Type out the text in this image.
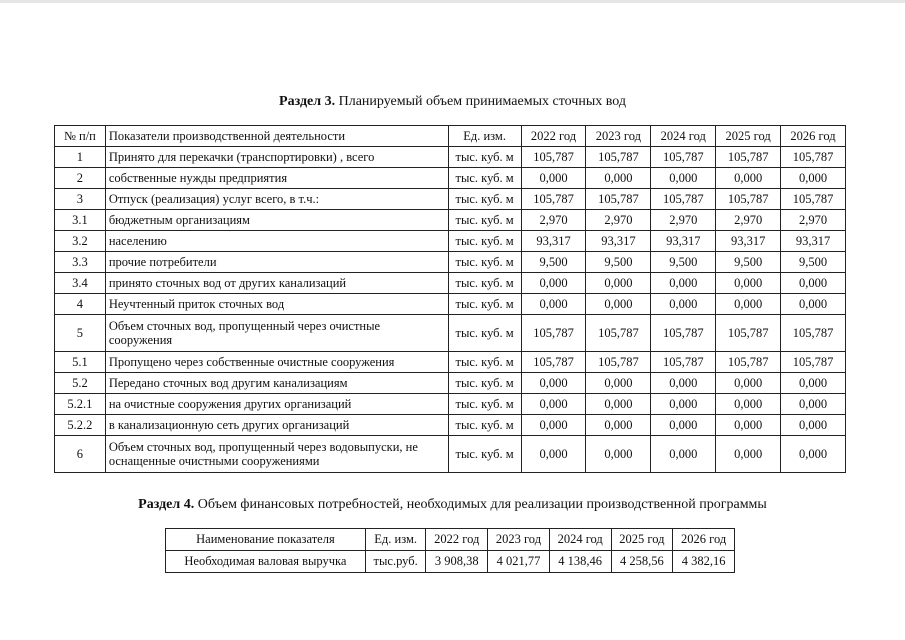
Раздел 3. Планируемый объем принимаемых сточных вод
№ п/п	Показатели производственной деятельности	Ед. изм.	2022 год	2023 год	2024 год	2025 год	2026 год
1	Принято для перекачки (транспортировки) , всего	тыс. куб. м	105,787	105,787	105,787	105,787	105,787
2	собственные нужды предприятия	тыс. куб. м	0,000	0,000	0,000	0,000	0,000
3	Отпуск (реализация) услуг всего, в т.ч.:	тыс. куб. м	105,787	105,787	105,787	105,787	105,787
3.1	бюджетным организациям	тыс. куб. м	2,970	2,970	2,970	2,970	2,970
3.2	населению	тыс. куб. м	93,317	93,317	93,317	93,317	93,317
3.3	прочие потребители	тыс. куб. м	9,500	9,500	9,500	9,500	9,500
3.4	принято сточных вод от других канализаций	тыс. куб. м	0,000	0,000	0,000	0,000	0,000
4	Неучтенный приток сточных вод	тыс. куб. м	0,000	0,000	0,000	0,000	0,000
5	Объем сточных вод, пропущенный через очистные сооружения	тыс. куб. м	105,787	105,787	105,787	105,787	105,787
5.1	Пропущено через собственные очистные сооружения	тыс. куб. м	105,787	105,787	105,787	105,787	105,787
5.2	Передано сточных вод другим канализациям	тыс. куб. м	0,000	0,000	0,000	0,000	0,000
5.2.1	на очистные сооружения других организаций	тыс. куб. м	0,000	0,000	0,000	0,000	0,000
5.2.2	в канализационную сеть других организаций	тыс. куб. м	0,000	0,000	0,000	0,000	0,000
6	Объем сточных вод, пропущенный через водовыпуски, не оснащенные очистными сооружениями	тыс. куб. м	0,000	0,000	0,000	0,000	0,000
Раздел 4. Объем финансовых потребностей, необходимых для реализации производственной программы
Наименование показателя	Ед. изм.	2022 год	2023 год	2024 год	2025 год	2026 год
Необходимая валовая выручка	тыс.руб.	3 908,38	4 021,77	4 138,46	4 258,56	4 382,16
